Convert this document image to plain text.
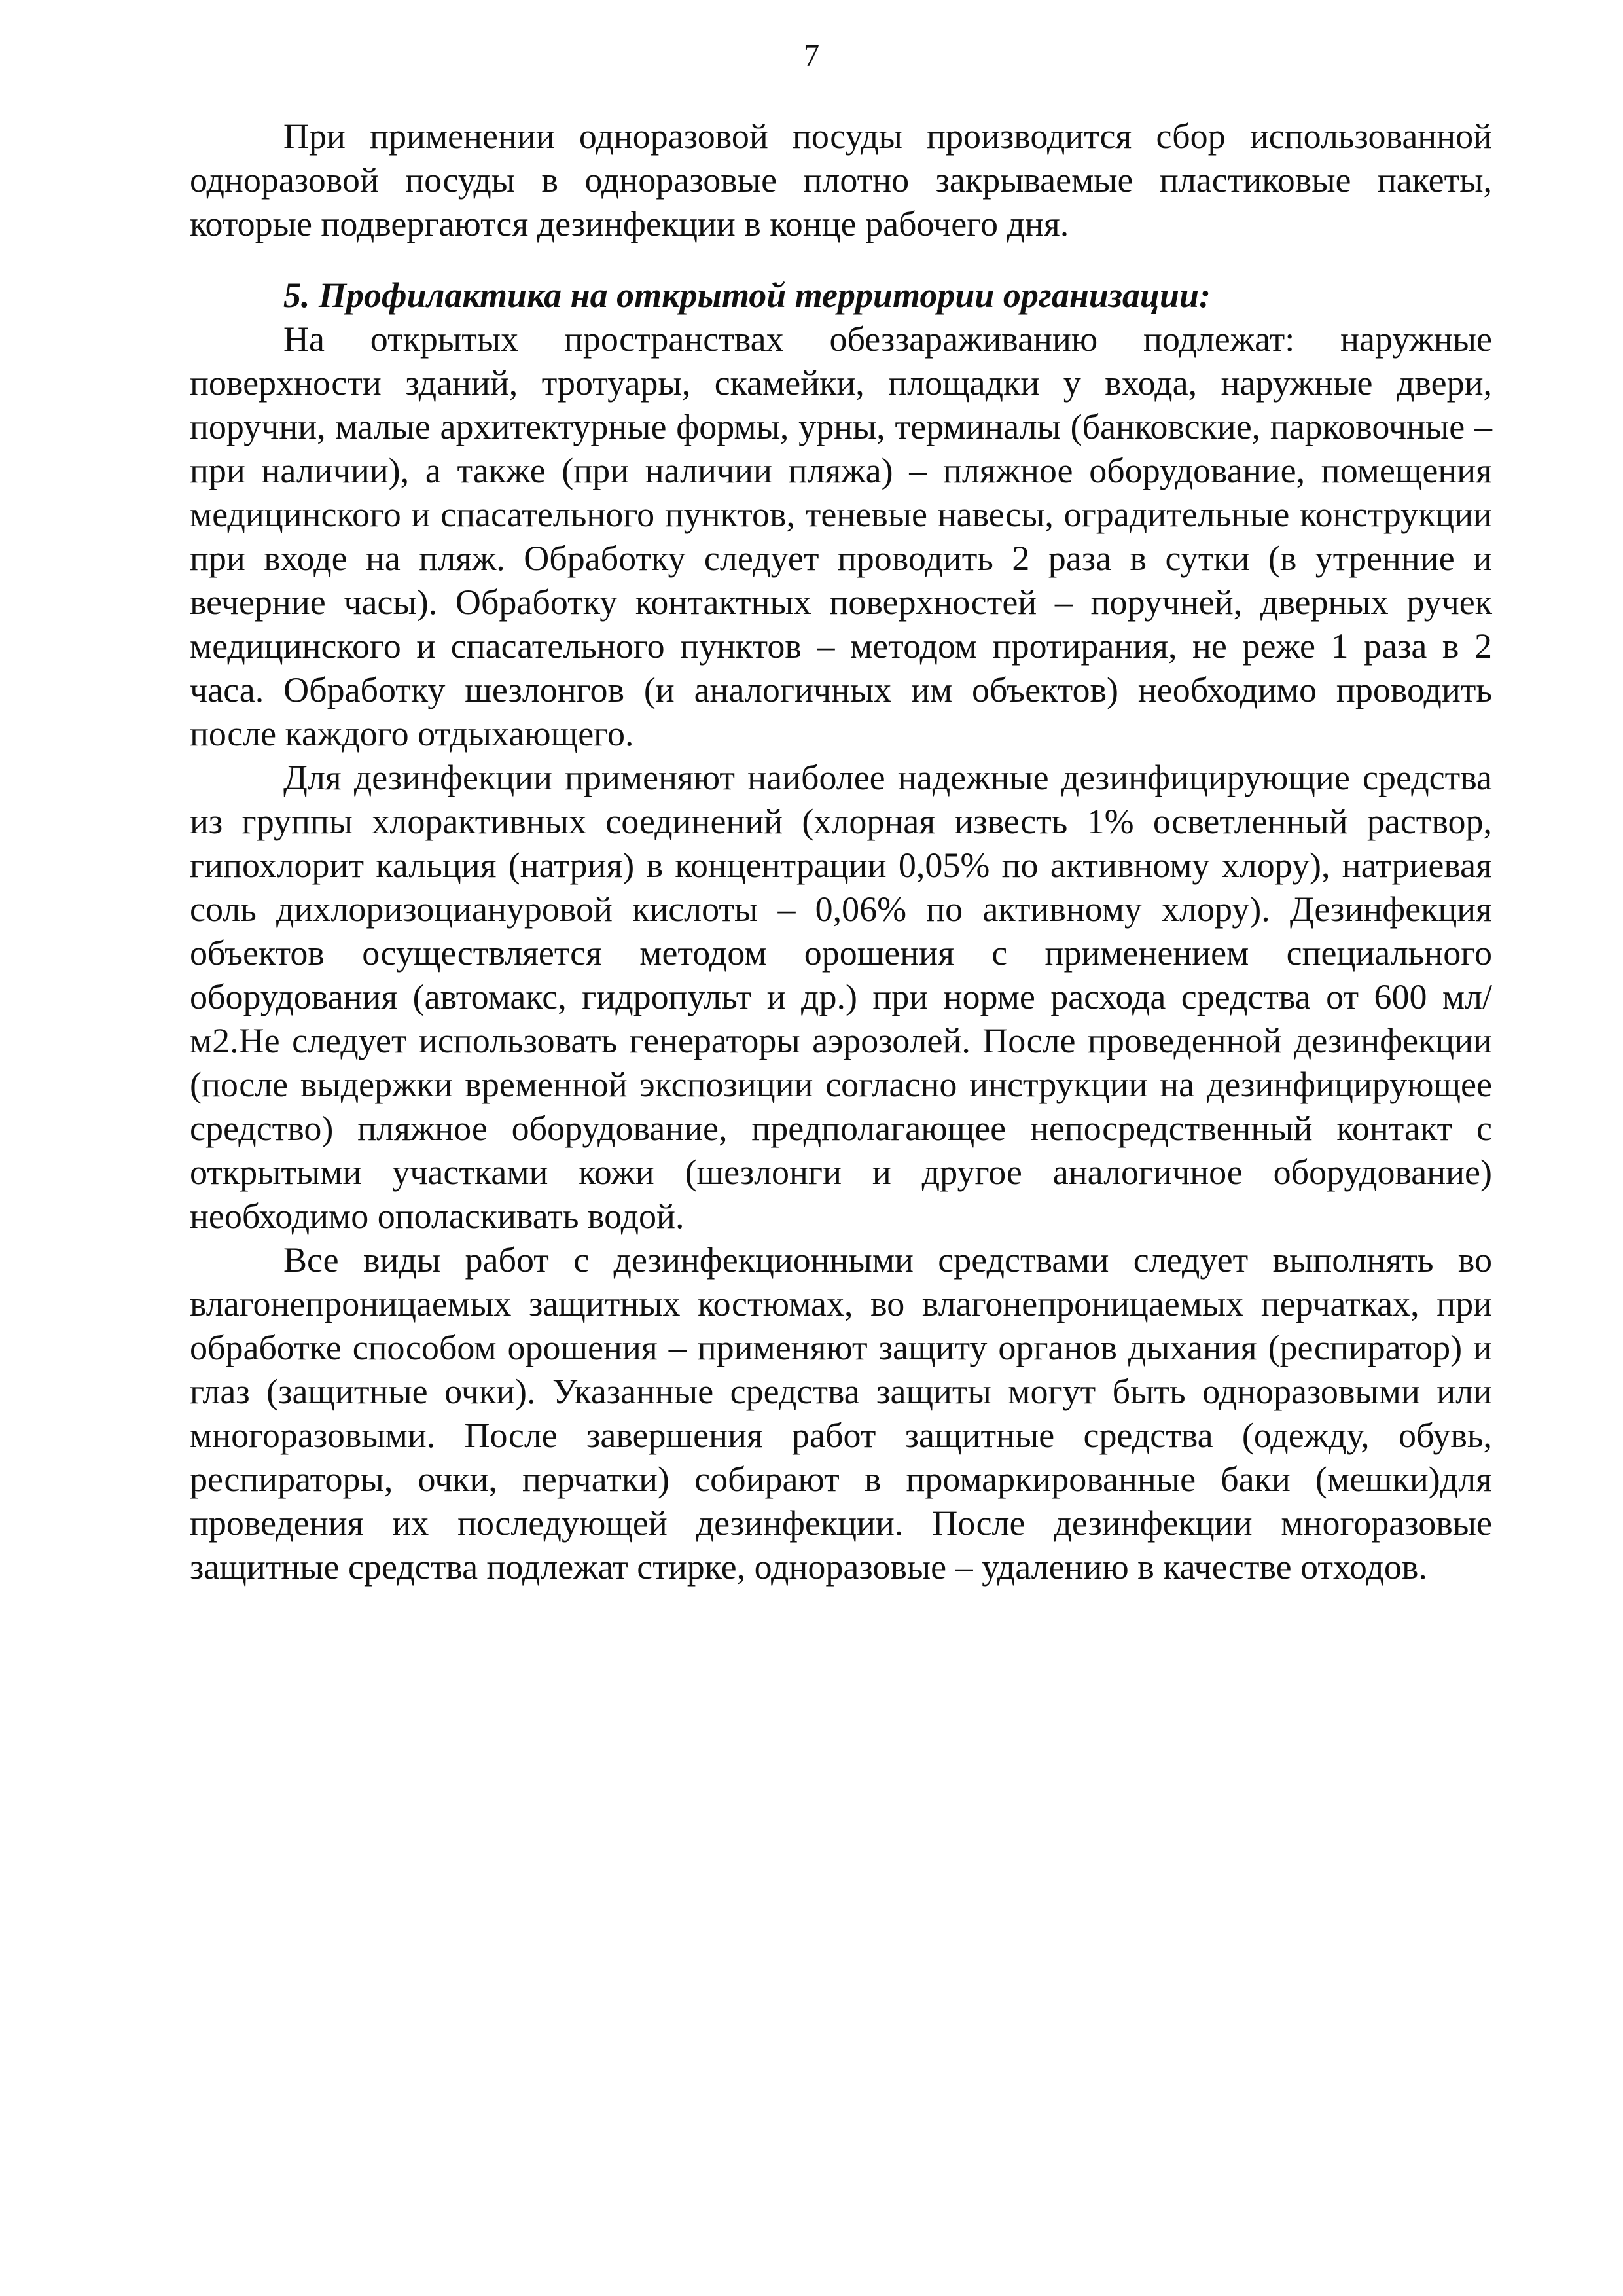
7

При применении одноразовой посуды производится сбор использованной одноразовой посуды в одноразовые плотно закрываемые пластиковые пакеты, которые подвергаются дезинфекции в конце рабочего дня.

5. Профилактика на открытой территории организации:

На открытых пространствах обеззараживанию подлежат: наружные поверхности зданий, тротуары, скамейки, площадки у входа, наружные двери, поручни, малые архитектурные формы, урны, терминалы (банковские, парковочные – при наличии), а также (при наличии пляжа) – пляжное оборудование, помещения медицинского и спасательного пунктов, теневые навесы, оградительные конструкции при входе на пляж. Обработку следует проводить 2 раза в сутки (в утренние и вечерние часы). Обработку контактных поверхностей – поручней, дверных ручек медицинского и спасательного пунктов – методом протирания, не реже 1 раза в 2 часа. Обработку шезлонгов (и аналогичных им объектов) необходимо проводить после каждого отдыхающего.

Для дезинфекции применяют наиболее надежные дезинфицирующие средства из группы хлорактивных соединений (хлорная известь 1% осветленный раствор, гипохлорит кальция (натрия) в концентрации 0,05% по активному хлору), натриевая соль дихлоризоциануровой кислоты – 0,06% по активному хлору). Дезинфекция объектов осуществляется методом орошения с применением специального оборудования (автомакс, гидропульт и др.) при норме расхода средства от 600 мл/м2.Не следует использовать генераторы аэрозолей. После проведенной дезинфекции (после выдержки временной экспозиции согласно инструкции на дезинфицирующее средство) пляжное оборудование, предполагающее непосредственный контакт с открытыми участками кожи (шезлонги и другое аналогичное оборудование) необходимо ополаскивать водой.

Все виды работ с дезинфекционными средствами следует выполнять во влагонепроницаемых защитных костюмах, во влагонепроницаемых перчатках, при обработке способом орошения – применяют защиту органов дыхания (респиратор) и глаз (защитные очки). Указанные средства защиты могут быть одноразовыми или многоразовыми. После завершения работ защитные средства (одежду, обувь, респираторы, очки, перчатки) собирают в промаркированные баки (мешки)для проведения их последующей дезинфекции. После дезинфекции многоразовые защитные средства подлежат стирке, одноразовые – удалению в качестве отходов.
